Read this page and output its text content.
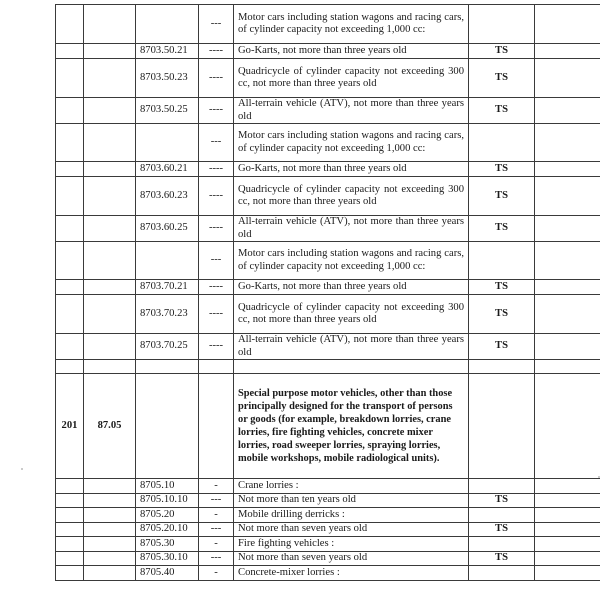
			---	Motor cars including station wagons and racing cars, of cylinder capacity not exceeding 1,000 cc:		
		8703.50.21	----	Go-Karts, not more than three years old	TS	
		8703.50.23	----	Quadricycle of cylinder capacity not exceeding 300 cc, not more than three years old	TS	
		8703.50.25	----	All-terrain vehicle (ATV), not more than three years old	TS	
			---	Motor cars including station wagons and racing cars, of cylinder capacity not exceeding 1,000 cc:		
		8703.60.21	----	Go-Karts, not more than three years old	TS	
		8703.60.23	----	Quadricycle of cylinder capacity not exceeding 300 cc, not more than three years old	TS	
		8703.60.25	----	All-terrain vehicle (ATV), not more than three years old	TS	
			---	Motor cars including station wagons and racing cars, of cylinder capacity not exceeding 1,000 cc:		
		8703.70.21	----	Go-Karts, not more than three years old	TS	
		8703.70.23	----	Quadricycle of cylinder capacity not exceeding 300 cc, not more than three years old	TS	
		8703.70.25	----	All-terrain vehicle (ATV), not more than three years old	TS	

201	87.05			Special purpose motor vehicles, other than those principally designed for the transport of persons or goods (for example, breakdown lorries, crane lorries, fire fighting vehicles, concrete mixer lorries, road sweeper lorries, spraying lorries, mobile workshops, mobile radiological units).		
		8705.10	-	Crane lorries :		
		8705.10.10	---	Not more than ten years old	TS	
		8705.20	-	Mobile drilling derricks :		
		8705.20.10	---	Not more than seven years old	TS	
		8705.30	-	Fire fighting vehicles :		
		8705.30.10	---	Not more than seven years old	TS	
		8705.40	-	Concrete-mixer lorries :		
